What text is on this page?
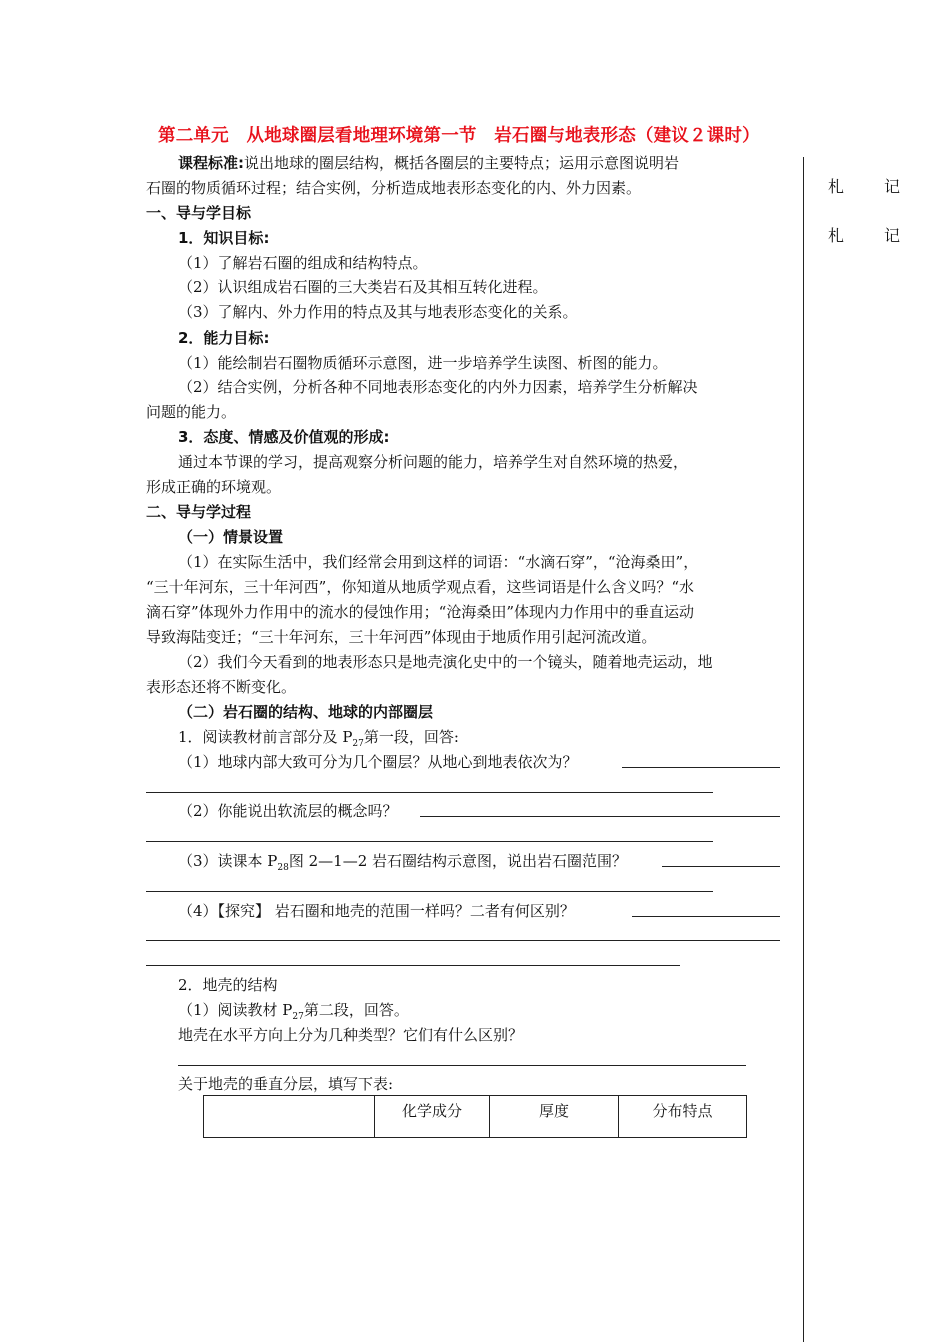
第二单元　从地球圈层看地理环境第一节　岩石圈与地表形态（建议２课时）
札　记
札　记
课程标准:说出地球的圈层结构，概括各圈层的主要特点；运用示意图说明岩
石圈的物质循环过程；结合实例，分析造成地表形态变化的内、外力因素。
一、导与学目标
1．知识目标:
（1）了解岩石圈的组成和结构特点。
（2）认识组成岩石圈的三大类岩石及其相互转化进程。
（3）了解内、外力作用的特点及其与地表形态变化的关系。
2．能力目标:
（1）能绘制岩石圈物质循环示意图，进一步培养学生读图、析图的能力。
（2）结合实例，分析各种不同地表形态变化的内外力因素，培养学生分析解决
问题的能力。
3．态度、情感及价值观的形成:
通过本节课的学习，提高观察分析问题的能力，培养学生对自然环境的热爱，
形成正确的环境观。
二、导与学过程
（一）情景设置
（1）在实际生活中，我们经常会用到这样的词语：“水滴石穿”，“沧海桑田”，
“三十年河东，三十年河西”，你知道从地质学观点看，这些词语是什么含义吗？“水
滴石穿”体现外力作用中的流水的侵蚀作用；“沧海桑田”体现内力作用中的垂直运动
导致海陆变迁；“三十年河东，三十年河西”体现由于地质作用引起河流改道。
（2）我们今天看到的地表形态只是地壳演化史中的一个镜头，随着地壳运动，地
表形态还将不断变化。
（二）岩石圈的结构、地球的内部圈层
1．阅读教材前言部分及 $P_{27}$第一段，回答:
（1）地球内部大致可分为几个圈层？从地心到地表依次为？
（2）你能说出软流层的概念吗？
（3）读课本 $P_{28}$图 2—1—2 岩石圈结构示意图，说出岩石圈范围？
（4）【探究】 岩石圈和地壳的范围一样吗？二者有何区别？
2．地壳的结构
（1）阅读教材 $P_{27}$第二段，回答。
地壳在水平方向上分为几种类型？它们有什么区别？
关于地壳的垂直分层，填写下表:
	化学成分	厚度	分布特点
